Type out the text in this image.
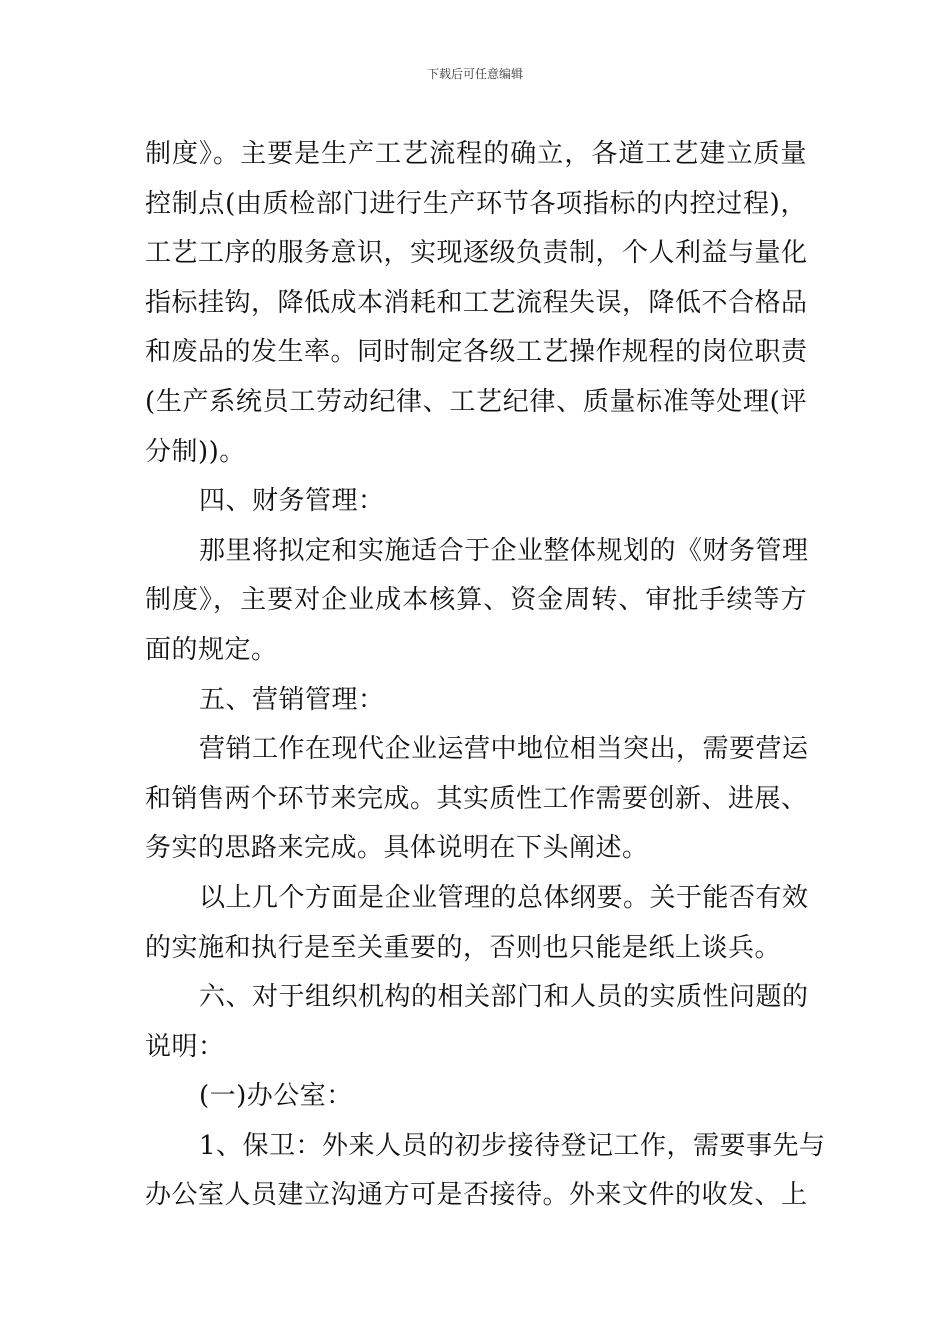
下载后可任意编辑
制度》。主要是生产工艺流程的确立，各道工艺建立质量
控制点(由质检部门进行生产环节各项指标的内控过程)，
工艺工序的服务意识，实现逐级负责制，个人利益与量化
指标挂钩，降低成本消耗和工艺流程失误，降低不合格品
和废品的发生率。同时制定各级工艺操作规程的岗位职责
(生产系统员工劳动纪律、工艺纪律、质量标准等处理(评
分制))。
四、财务管理：
那里将拟定和实施适合于企业整体规划的《财务管理
制度》，主要对企业成本核算、资金周转、审批手续等方
面的规定。
五、营销管理：
营销工作在现代企业运营中地位相当突出，需要营运
和销售两个环节来完成。其实质性工作需要创新、进展、
务实的思路来完成。具体说明在下头阐述。
以上几个方面是企业管理的总体纲要。关于能否有效
的实施和执行是至关重要的，否则也只能是纸上谈兵。
六、对于组织机构的相关部门和人员的实质性问题的
说明：
(一)办公室：
1、保卫：外来人员的初步接待登记工作，需要事先与
办公室人员建立沟通方可是否接待。外来文件的收发、上
